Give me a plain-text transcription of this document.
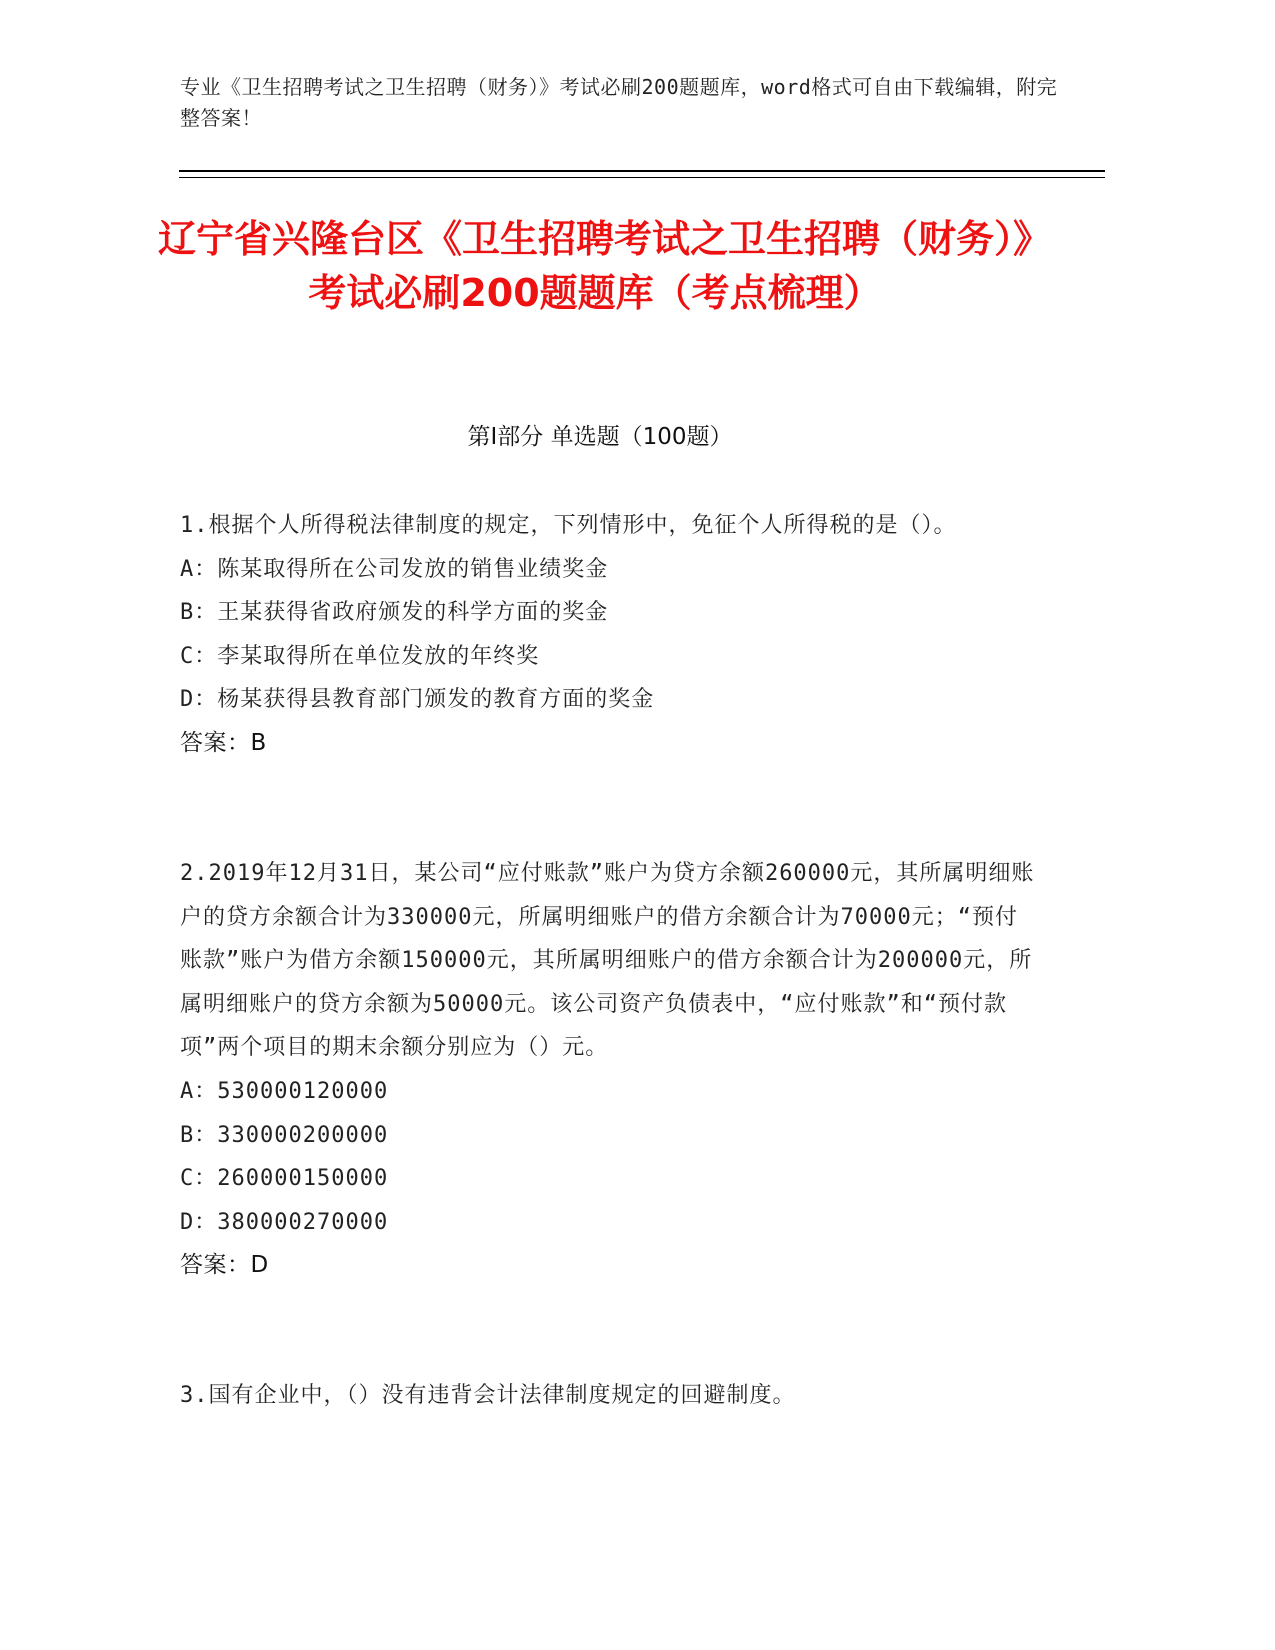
专业《卫生招聘考试之卫生招聘（财务）》考试必刷200题题库，word格式可自由下载编辑，附完整答案！
辽宁省兴隆台区《卫生招聘考试之卫生招聘（财务）》考试必刷200题题库（考点梳理）
第I部分 单选题（100题）
1.根据个人所得税法律制度的规定，下列情形中，免征个人所得税的是（）。
A：陈某取得所在公司发放的销售业绩奖金
B：王某获得省政府颁发的科学方面的奖金
C：李某取得所在单位发放的年终奖
D：杨某获得县教育部门颁发的教育方面的奖金
答案：B
2.2019年12月31日，某公司“应付账款”账户为贷方余额260000元，其所属明细账户的贷方余额合计为330000元，所属明细账户的借方余额合计为70000元；“预付账款”账户为借方余额150000元，其所属明细账户的借方余额合计为200000元，所属明细账户的贷方余额为50000元。该公司资产负债表中，“应付账款”和“预付款项”两个项目的期末余额分别应为（）元。
A：530000120000
B：330000200000
C：260000150000
D：380000270000
答案：D
3.国有企业中，（）没有违背会计法律制度规定的回避制度。
